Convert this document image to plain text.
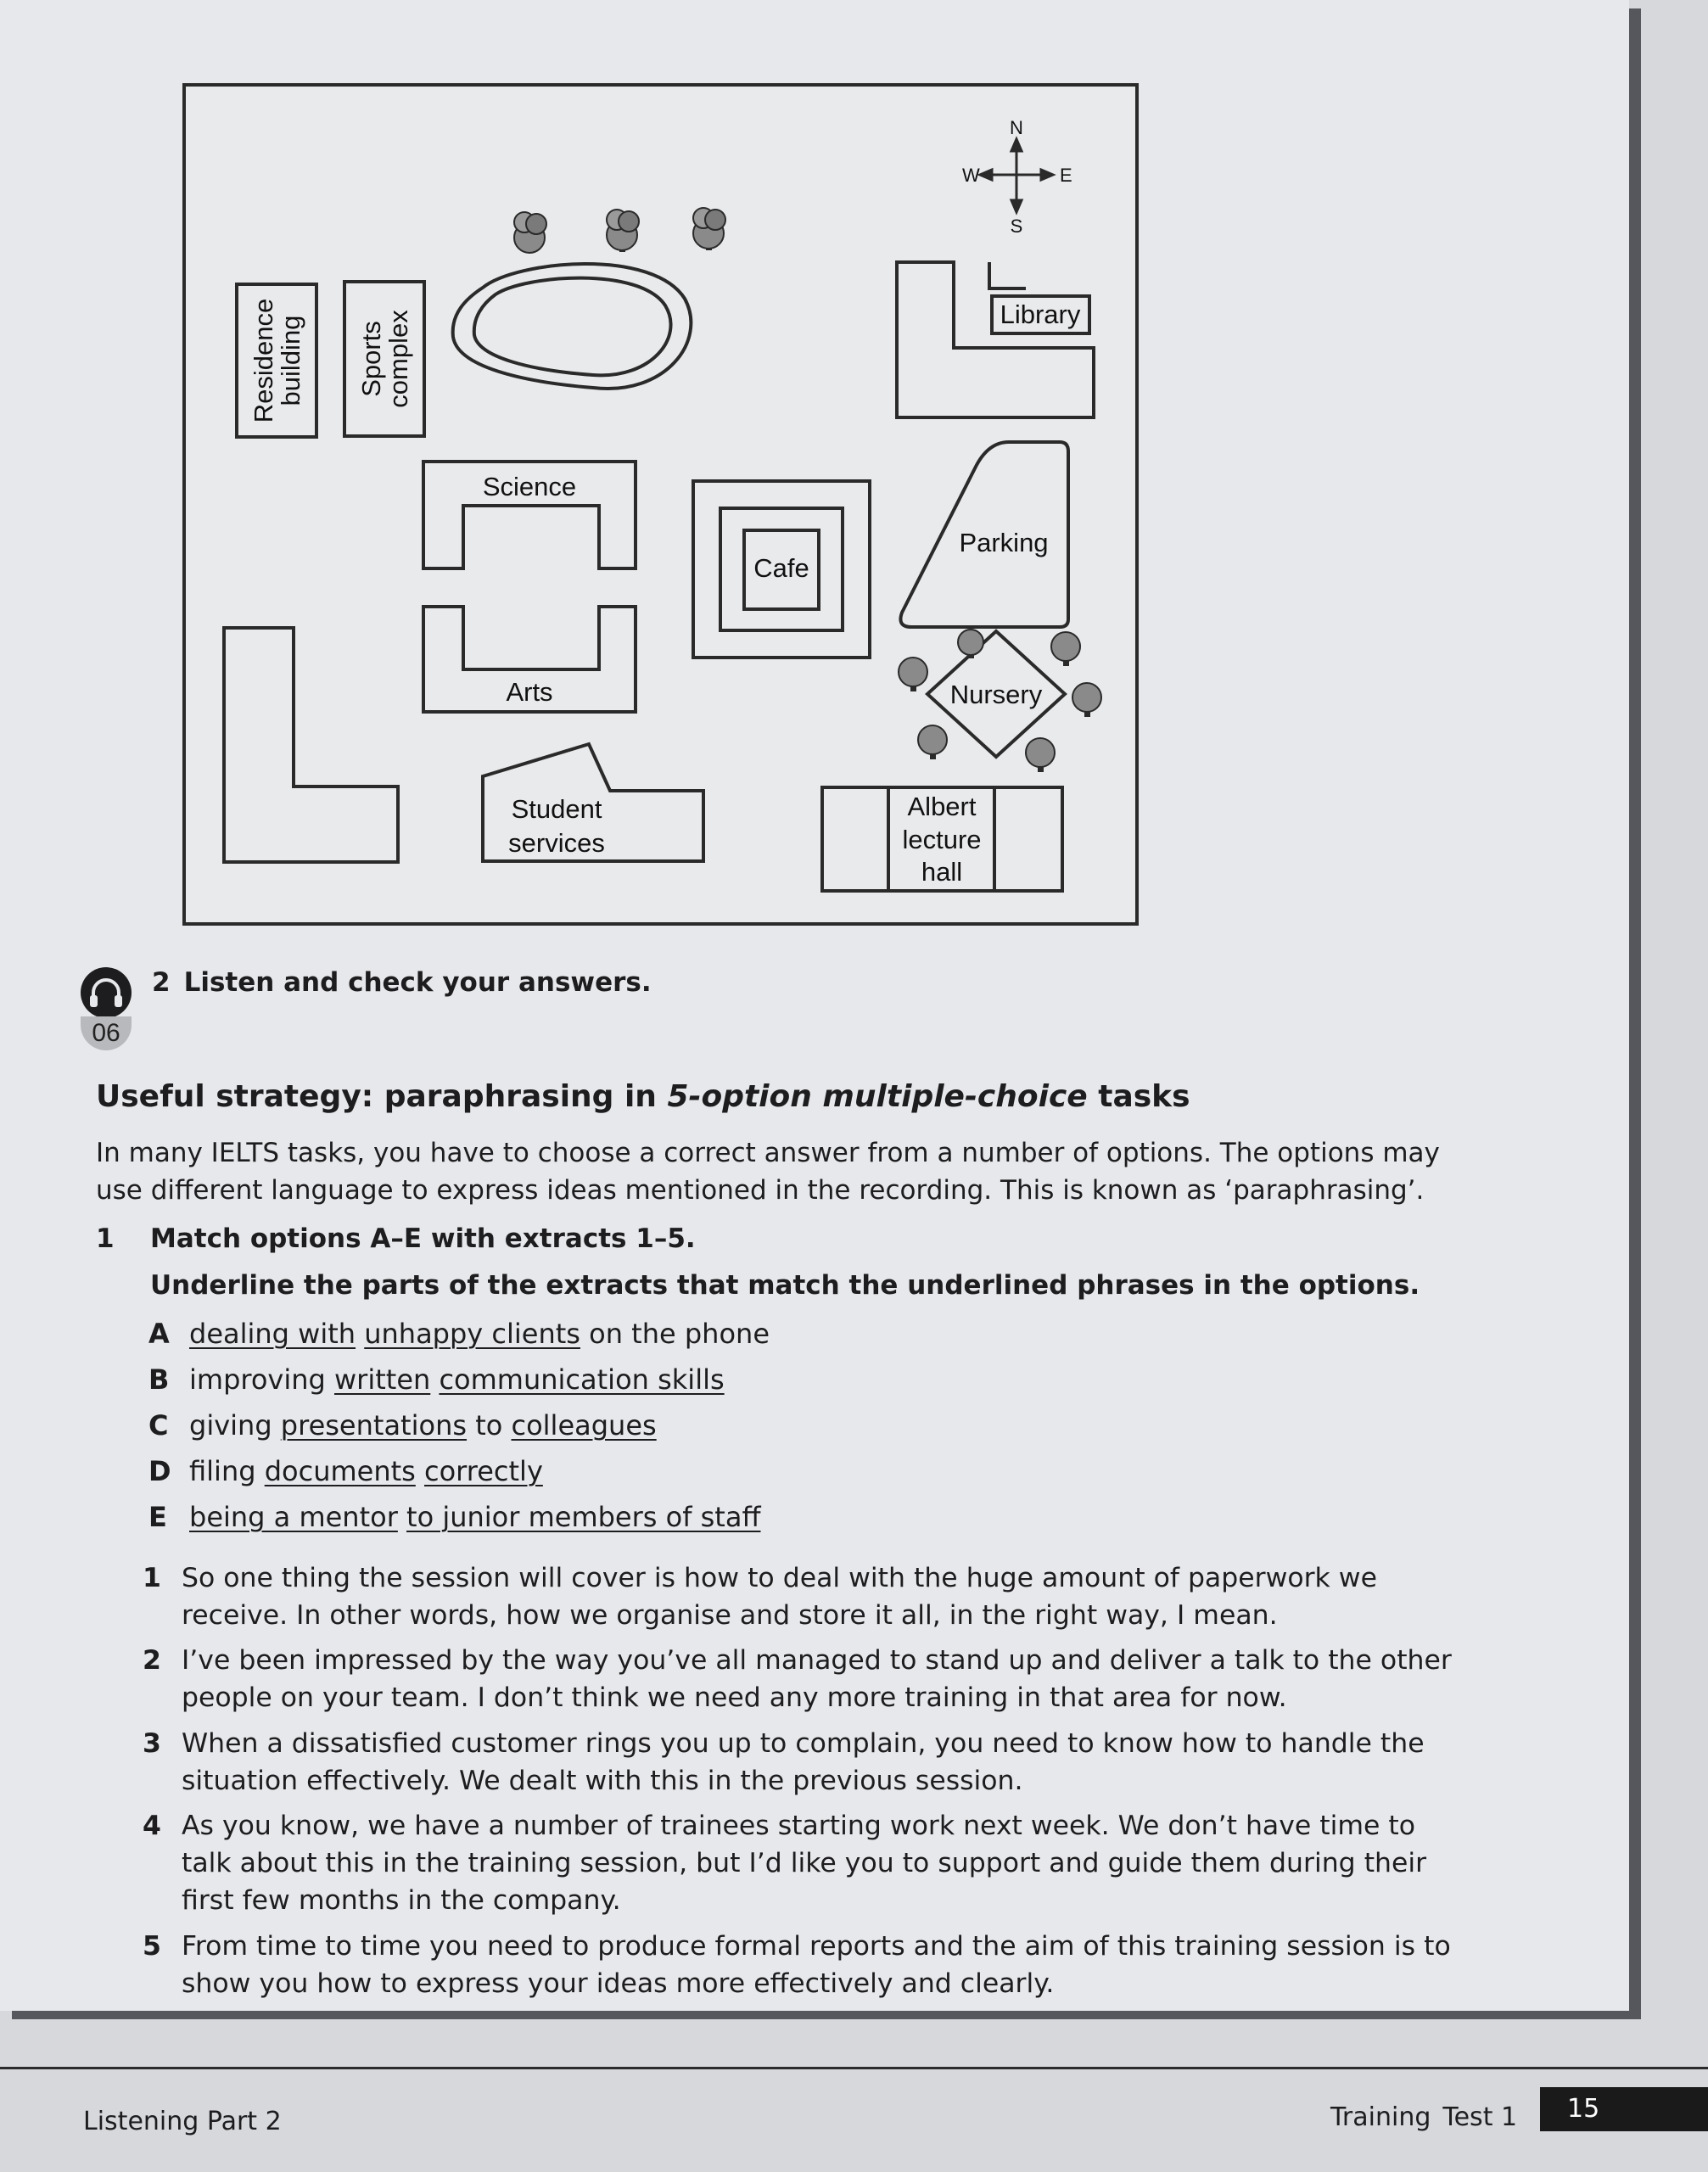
N
S
E
W
Residence
building Sports
complex	Library
Science
Cafe
Parking
Arts	Nursery
Student
services
Albert
lecture
hall
06
2 Listen and check your answers.
Useful strategy: paraphrasing in 5-option multiple-choice tasks
In many IELTS tasks, you have to choose a correct answer from a number of options. The options may use different language to express ideas mentioned in the recording. This is known as ‘paraphrasing’.
1 Match options A–E with extracts 1–5.
Underline the parts of the extracts that match the underlined phrases in the options.
A dealing with unhappy clients on the phone
B improving written communication skills
C giving presentations to colleagues
D filing documents correctly
E being a mentor to junior members of staff
1 So one thing the session will cover is how to deal with the huge amount of paperwork we receive. In other words, how we organise and store it all, in the right way, I mean.
2 I’ve been impressed by the way you’ve all managed to stand up and deliver a talk to the other people on your team. I don’t think we need any more training in that area for now.
3 When a dissatisfied customer rings you up to complain, you need to know how to handle the situation effectively. We dealt with this in the previous session.
4 As you know, we have a number of trainees starting work next week. We don’t have time to talk about this in the training session, but I’d like you to support and guide them during their first few months in the company.
5 From time to time you need to produce formal reports and the aim of this training session is to show you how to express your ideas more effectively and clearly.
Listening Part 2	Training Test 1	15
